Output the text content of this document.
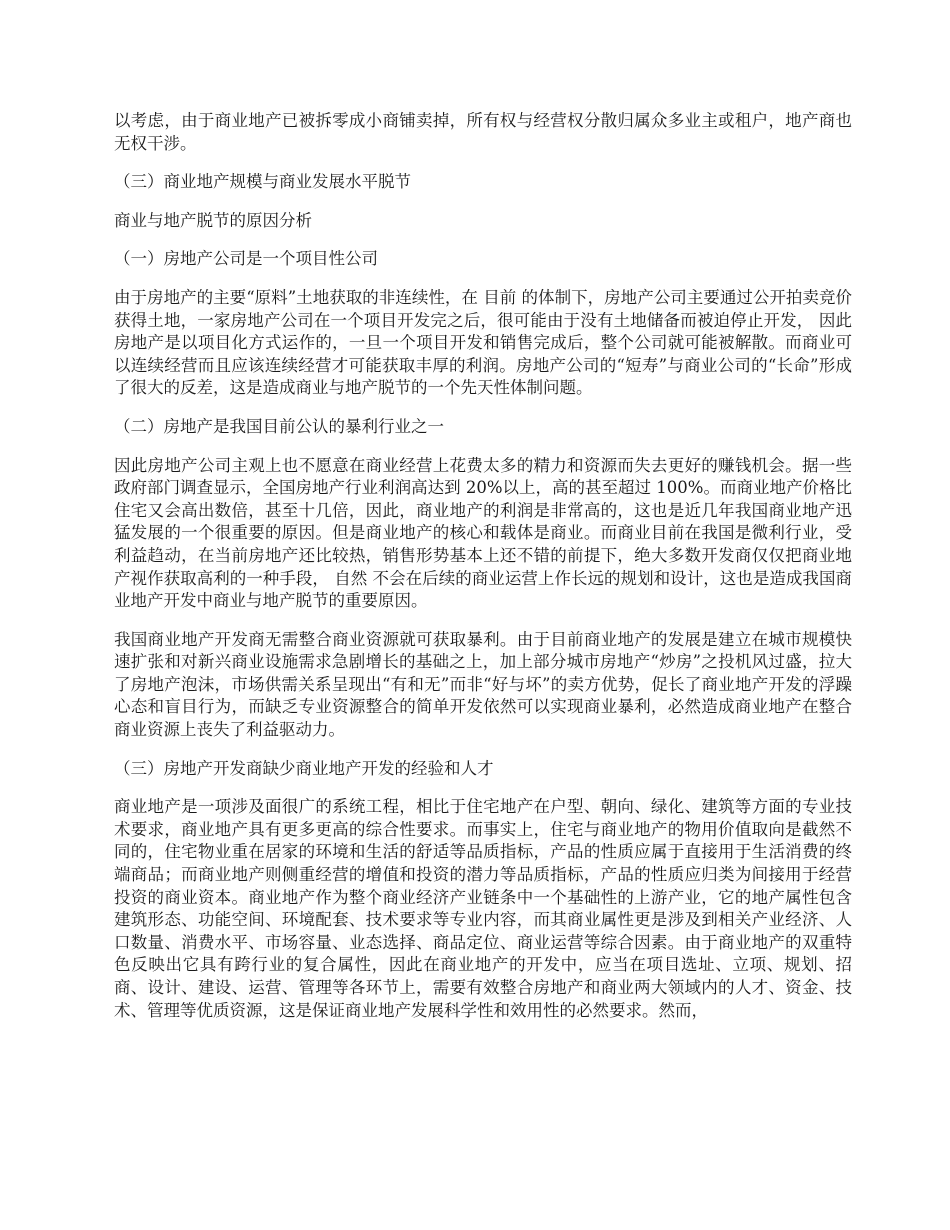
以考虑，由于商业地产已被拆零成小商铺卖掉，所有权与经营权分散归属众多业主或租户，地产商也无权干涉。

（三）商业地产规模与商业发展水平脱节

商业与地产脱节的原因分析

（一）房地产公司是一个项目性公司

由于房地产的主要“原料”土地获取的非连续性，在 目前 的体制下，房地产公司主要通过公开拍卖竞价获得土地，一家房地产公司在一个项目开发完之后，很可能由于没有土地储备而被迫停止开发， 因此房地产是以项目化方式运作的，一旦一个项目开发和销售完成后，整个公司就可能被解散。而商业可以连续经营而且应该连续经营才可能获取丰厚的利润。房地产公司的“短寿”与商业公司的“长命”形成了很大的反差，这是造成商业与地产脱节的一个先天性体制问题。

（二）房地产是我国目前公认的暴利行业之一

因此房地产公司主观上也不愿意在商业经营上花费太多的精力和资源而失去更好的赚钱机会。据一些政府部门调查显示，全国房地产行业利润高达到 20%以上，高的甚至超过 100%。而商业地产价格比住宅又会高出数倍，甚至十几倍，因此，商业地产的利润是非常高的，这也是近几年我国商业地产迅猛发展的一个很重要的原因。但是商业地产的核心和载体是商业。而商业目前在我国是微利行业，受利益趋动，在当前房地产还比较热，销售形势基本上还不错的前提下，绝大多数开发商仅仅把商业地产视作获取高利的一种手段， 自然 不会在后续的商业运营上作长远的规划和设计，这也是造成我国商业地产开发中商业与地产脱节的重要原因。

我国商业地产开发商无需整合商业资源就可获取暴利。由于目前商业地产的发展是建立在城市规模快速扩张和对新兴商业设施需求急剧增长的基础之上，加上部分城市房地产“炒房”之投机风过盛，拉大了房地产泡沫，市场供需关系呈现出“有和无”而非“好与坏”的卖方优势，促长了商业地产开发的浮躁心态和盲目行为，而缺乏专业资源整合的简单开发依然可以实现商业暴利，必然造成商业地产在整合商业资源上丧失了利益驱动力。

（三）房地产开发商缺少商业地产开发的经验和人才

商业地产是一项涉及面很广的系统工程，相比于住宅地产在户型、朝向、绿化、建筑等方面的专业技术要求，商业地产具有更多更高的综合性要求。而事实上，住宅与商业地产的物用价值取向是截然不同的，住宅物业重在居家的环境和生活的舒适等品质指标，产品的性质应属于直接用于生活消费的终端商品；而商业地产则侧重经营的增值和投资的潜力等品质指标，产品的性质应归类为间接用于经营投资的商业资本。商业地产作为整个商业经济产业链条中一个基础性的上游产业，它的地产属性包含建筑形态、功能空间、环境配套、技术要求等专业内容，而其商业属性更是涉及到相关产业经济、人口数量、消费水平、市场容量、业态选择、商品定位、商业运营等综合因素。由于商业地产的双重特色反映出它具有跨行业的复合属性，因此在商业地产的开发中，应当在项目选址、立项、规划、招商、设计、建设、运营、管理等各环节上，需要有效整合房地产和商业两大领域内的人才、资金、技术、管理等优质资源，这是保证商业地产发展科学性和效用性的必然要求。然而，
